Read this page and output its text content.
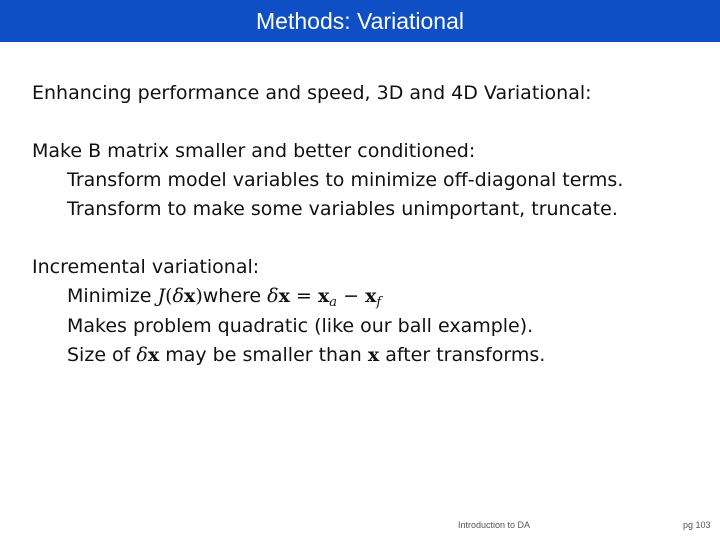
Methods: Variational
Enhancing performance and speed, 3D and 4D Variational:
Make B matrix smaller and better conditioned:
Transform model variables to minimize off-diagonal terms.
Transform to make some variables unimportant, truncate.
Incremental variational:
Minimize J(δx)where $\delta x = x_a - x_f$
Makes problem quadratic (like our ball example).
Size of δx may be smaller than x after transforms.
Introduction to DA	pg 103
